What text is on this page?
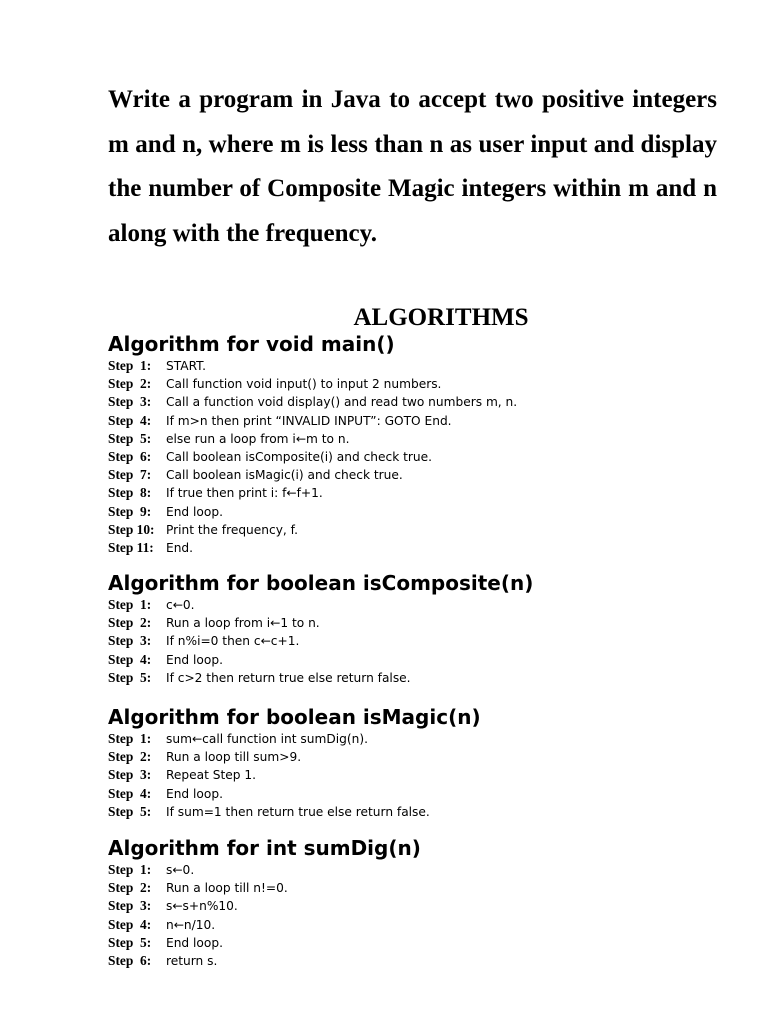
Write a program in Java to accept two positive integers m and n, where m is less than n as user input and display the number of Composite Magic integers within m and n along with the frequency.

ALGORITHMS
Algorithm for void main()
Step  1:	START.
Step  2:	Call function void input() to input 2 numbers.
Step  3:	Call a function void display() and read two numbers m, n.
Step  4:	If m>n then print “INVALID INPUT”: GOTO End.
Step  5:	else run a loop from i←m to n.
Step  6:	Call boolean isComposite(i) and check true.
Step  7:	Call boolean isMagic(i) and check true.
Step  8:	If true then print i: f←f+1.
Step  9:	End loop.
Step 10: Print the frequency, f.
Step 11:	End.
Algorithm for boolean isComposite(n)
Step  1:	c←0.
Step  2:	Run a loop from i←1 to n.
Step  3:	If n%i=0 then c←c+1.
Step  4:	End loop.
Step  5:	If c>2 then return true else return false.
Algorithm for boolean isMagic(n)
Step  1:	sum←call function int sumDig(n).
Step  2:	Run a loop till sum>9.
Step  3:	Repeat Step 1.
Step  4:	End loop.
Step  5:	If sum=1 then return true else return false.
Algorithm for int sumDig(n)
Step  1:	s←0.
Step  2:	Run a loop till n!=0.
Step  3:	s←s+n%10.
Step  4:	n←n/10.
Step  5:	End loop.
Step  6:	return s.
